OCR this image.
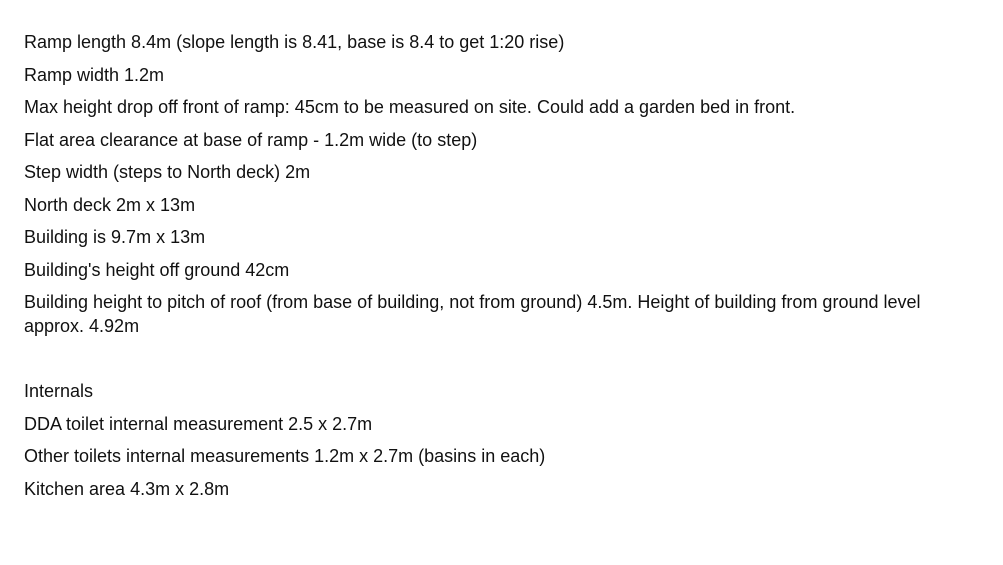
Ramp length 8.4m (slope length is 8.41, base is 8.4 to get 1:20 rise)
Ramp width 1.2m
Max height drop off front of ramp: 45cm to be measured on site. Could add a garden bed in front.
Flat area clearance at base of ramp - 1.2m wide (to step)
Step width (steps to North deck) 2m
North deck 2m x 13m
Building is 9.7m x 13m
Building's height off ground 42cm
Building height to pitch of roof (from base of building, not from ground) 4.5m. Height of building from ground level approx. 4.92m
Internals
DDA toilet internal measurement 2.5 x 2.7m
Other toilets internal measurements 1.2m x 2.7m (basins in each)
Kitchen area 4.3m x 2.8m
